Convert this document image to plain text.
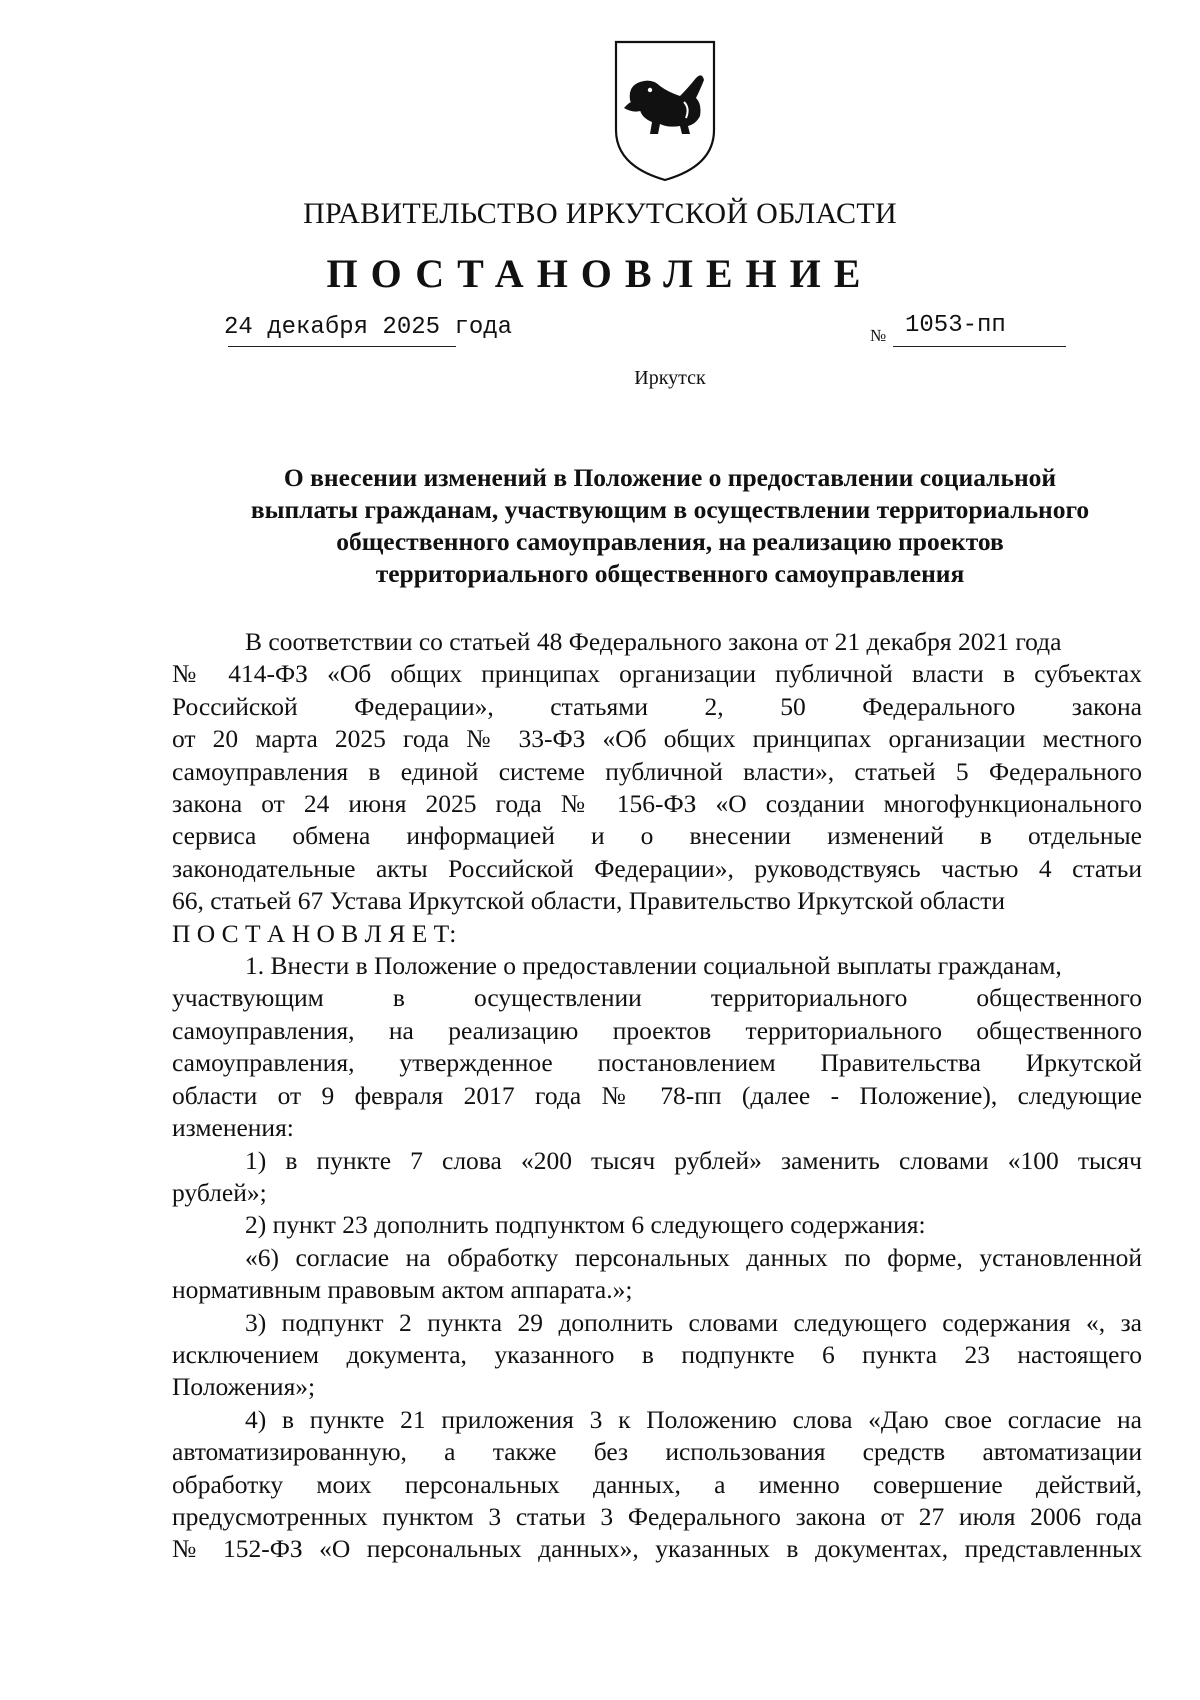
ПРАВИТЕЛЬСТВО ИРКУТСКОЙ ОБЛАСТИ
ПОСТАНОВЛЕНИЕ
24 декабря 2025 года	№ 1053-пп
Иркутск
О внесении изменений в Положение о предоставлении социальной
выплаты гражданам, участвующим в осуществлении территориального
общественного самоуправления, на реализацию проектов
территориального общественного самоуправления
В соответствии со статьей 48 Федерального закона от 21 декабря 2021 года
№ 414-ФЗ «Об общих принципах организации публичной власти в субъектах
Российской Федерации», статьями 2, 50 Федерального закона
от 20 марта 2025 года № 33-ФЗ «Об общих принципах организации местного
самоуправления в единой системе публичной власти», статьей 5 Федерального
закона от 24 июня 2025 года № 156-ФЗ «О создании многофункционального
сервиса обмена информацией и о внесении изменений в отдельные
законодательные акты Российской Федерации», руководствуясь частью 4 статьи
66, статьей 67 Устава Иркутской области, Правительство Иркутской области
П О С Т А Н О В Л Я Е Т:
1. Внести в Положение о предоставлении социальной выплаты гражданам,
участвующим в осуществлении территориального общественного
самоуправления, на реализацию проектов территориального общественного
самоуправления, утвержденное постановлением Правительства Иркутской
области от 9 февраля 2017 года № 78-пп (далее - Положение), следующие
изменения:
1) в пункте 7 слова «200 тысяч рублей» заменить словами «100 тысяч
рублей»;
2) пункт 23 дополнить подпунктом 6 следующего содержания:
«6) согласие на обработку персональных данных по форме, установленной
нормативным правовым актом аппарата.»;
3) подпункт 2 пункта 29 дополнить словами следующего содержания «, за
исключением документа, указанного в подпункте 6 пункта 23 настоящего
Положения»;
4) в пункте 21 приложения 3 к Положению слова «Даю свое согласие на
автоматизированную, а также без использования средств автоматизации
обработку моих персональных данных, а именно совершение действий,
предусмотренных пунктом 3 статьи 3 Федерального закона от 27 июля 2006 года
№ 152-ФЗ «О персональных данных», указанных в документах, представленных
